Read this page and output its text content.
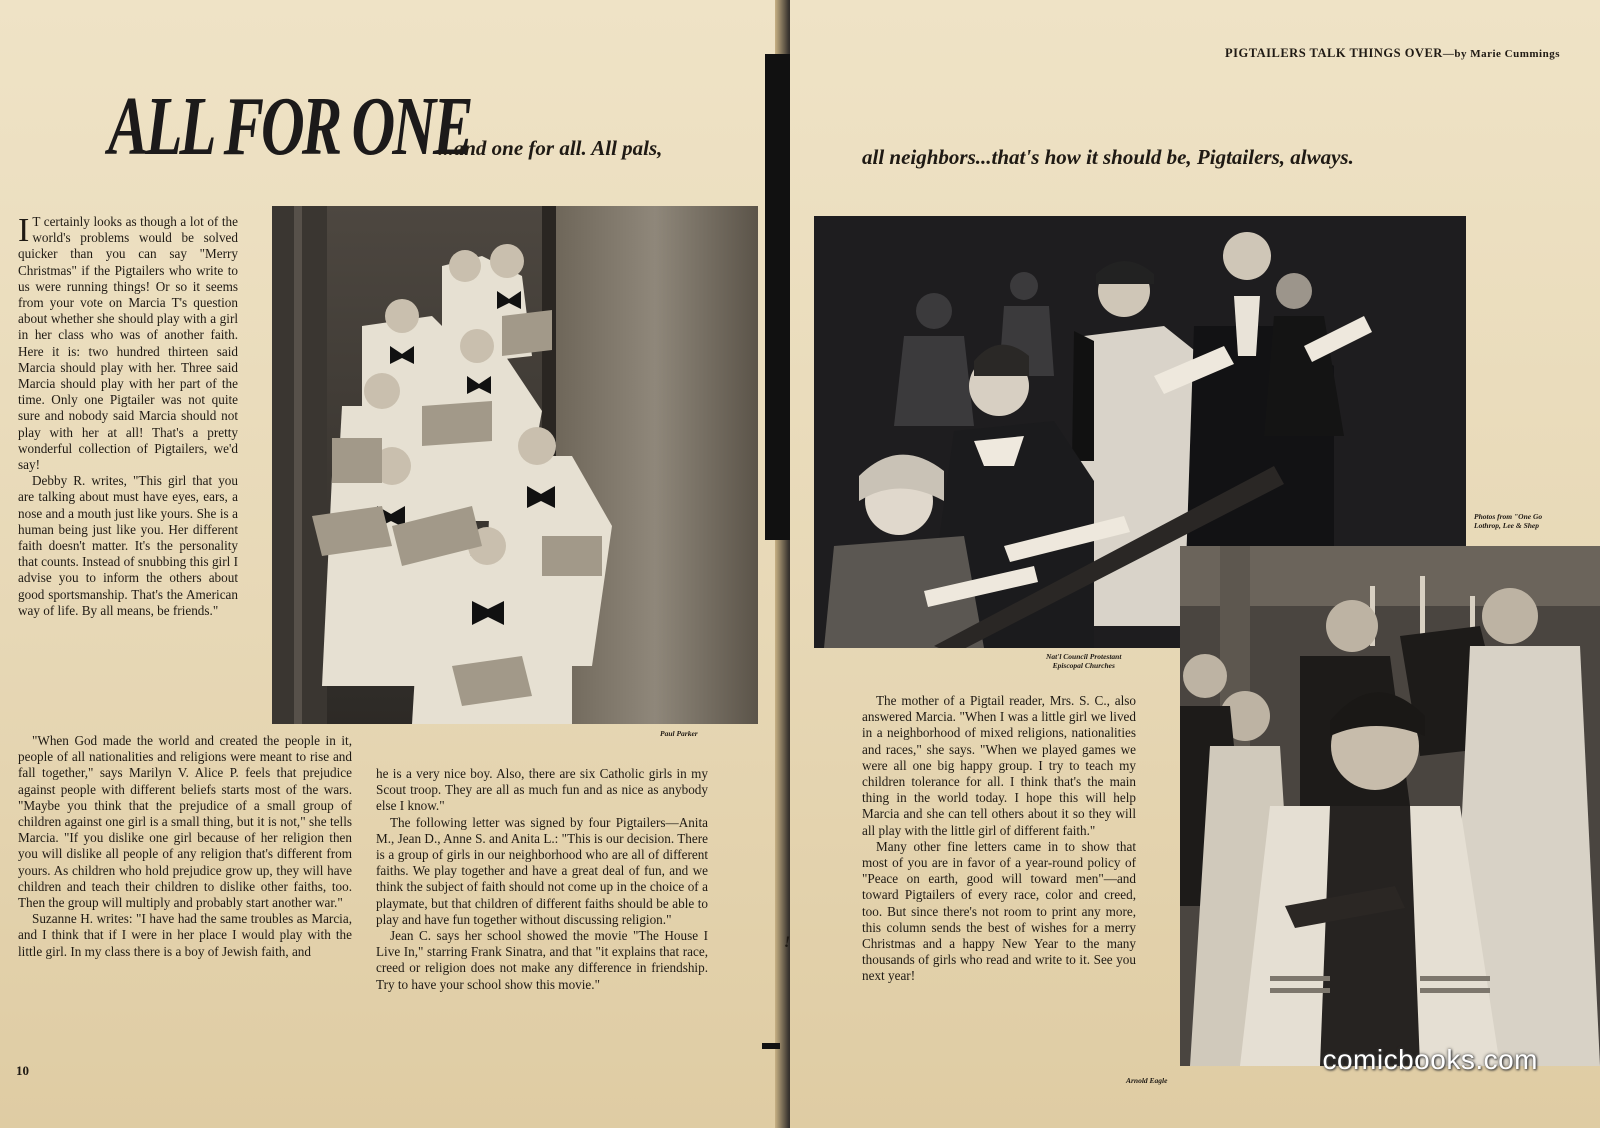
ALL FOR ONE
...and one for all. All pals,

I T certainly looks as though a lot of the world's problems would be solved quicker than you can say "Merry Christmas" if the Pigtailers who write to us were running things! Or so it seems from your vote on Marcia T's question about whether she should play with a girl in her class who was of another faith. Here it is: two hundred thirteen said Marcia should play with her. Three said Marcia should play with her part of the time. Only one Pigtailer was not quite sure and nobody said Marcia should not play with her at all! That's a pretty wonderful collection of Pigtailers, we'd say!

Debby R. writes, "This girl that you are talking about must have eyes, ears, a nose and a mouth just like yours. She is a human being just like you. Her different faith doesn't matter. It's the personality that counts. Instead of snubbing this girl I advise you to inform the others about good sportsmanship. That's the American way of life. By all means, be friends."

"When God made the world and created the people in it, people of all nationalities and religions were meant to rise and fall together," says Marilyn V. Alice P. feels that prejudice against people with different beliefs starts most of the wars. "Maybe you think that the prejudice of a small group of children against one girl is a small thing, but it is not," she tells Marcia. "If you dislike one girl because of her religion then you will dislike all people of any religion that's different from yours. As children who hold prejudice grow up, they will have children and teach their children to dislike other faiths, too. Then the group will multiply and probably start another war."

Suzanne H. writes: "I have had the same troubles as Marcia, and I think that if I were in her place I would play with the little girl. In my class there is a boy of Jewish faith, and

he is a very nice boy. Also, there are six Catholic girls in my Scout troop. They are all as much fun and as nice as anybody else I know."

The following letter was signed by four Pigtailers—Anita M., Jean D., Anne S. and Anita L.: "This is our decision. There is a group of girls in our neighborhood who are all of different faiths. We play together and have a great deal of fun, and we think the subject of faith should not come up in the choice of a playmate, but that children of different faiths should be able to play and have fun together without discussing religion."

Jean C. says her school showed the movie "The House I Live In," starring Frank Sinatra, and that "it explains that race, creed or religion does not make any difference in friendship. Try to have your school show this movie."

Paul Parker
10
!
PIGTAILERS TALK THINGS OVER—by Marie Cummings
all neighbors...that's how it should be, Pigtailers, always.
Nat'l Council Protestant
Episcopal Churches
Photos from "One Go
Lothrop, Lee & Shep

The mother of a Pigtail reader, Mrs. S. C., also answered Marcia. "When I was a little girl we lived in a neighborhood of mixed religions, nationalities and races," she says. "When we played games we were all one big happy group. I try to teach my children tolerance for all. I think that's the main thing in the world today. I hope this will help Marcia and she can tell others about it so they will all play with the little girl of different faith."

Many other fine letters came in to show that most of you are in favor of a year-round policy of "Peace on earth, good will toward men"—and toward Pigtailers of every race, color and creed, too. But since there's not room to print any more, this column sends the best of wishes for a merry Christmas and a happy New Year to the many thousands of girls who read and write to it. See you next year!

Arnold Eagle
comicbooks.com
